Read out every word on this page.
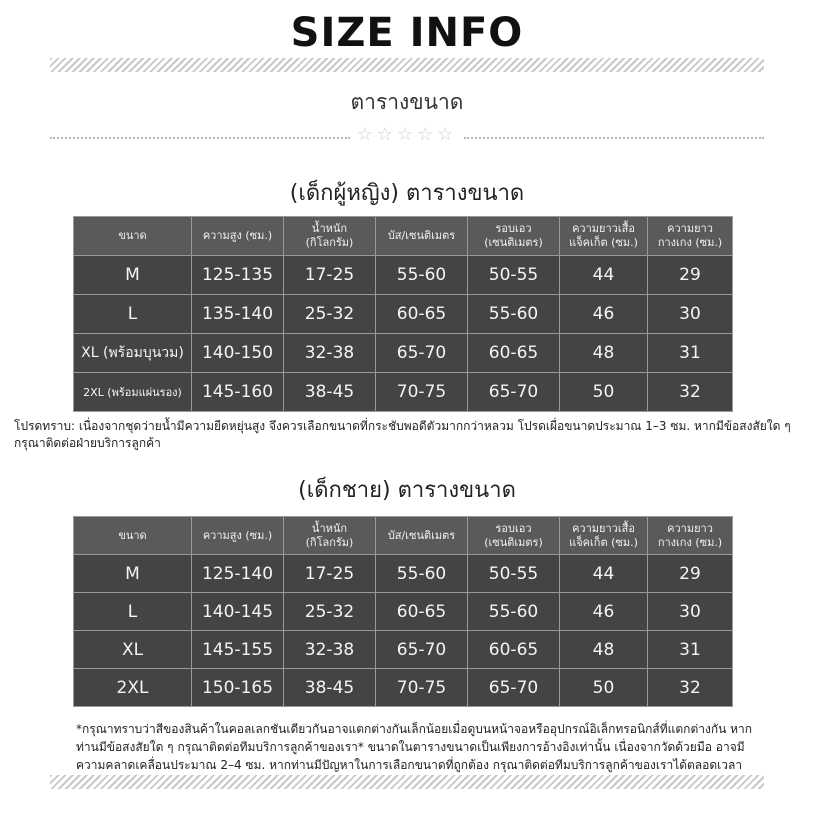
SIZE INFO
ตารางขนาด
☆☆☆☆☆
(เด็กผู้หญิง) ตารางขนาด
ขนาด	ความสูง (ซม.)	น้ำหนัก (กิโลกรัม)	บัส/เซนติเมตร	รอบเอว (เซนติเมตร)	ความยาวเสื้อแจ็คเก็ต (ซม.)	ความยาวกางเกง (ซม.)
M	125-135	17-25	55-60	50-55	44	29
L	135-140	25-32	60-65	55-60	46	30
XL (พร้อมบุนวม)	140-150	32-38	65-70	60-65	48	31
2XL (พร้อมแผ่นรอง)	145-160	38-45	70-75	65-70	50	32
โปรดทราบ: เนื่องจากชุดว่ายน้ำมีความยืดหยุ่นสูง จึงควรเลือกขนาดที่กระชับพอดีตัวมากกว่าหลวม โปรดเผื่อขนาดประมาณ 1–3 ซม. หากมีข้อสงสัยใด ๆ กรุณาติดต่อฝ่ายบริการลูกค้า
(เด็กชาย) ตารางขนาด
ขนาด	ความสูง (ซม.)	น้ำหนัก (กิโลกรัม)	บัส/เซนติเมตร	รอบเอว (เซนติเมตร)	ความยาวเสื้อแจ็คเก็ต (ซม.)	ความยาวกางเกง (ซม.)
M	125-140	17-25	55-60	50-55	44	29
L	140-145	25-32	60-65	55-60	46	30
XL	145-155	32-38	65-70	60-65	48	31
2XL	150-165	38-45	70-75	65-70	50	32
*กรุณาทราบว่าสีของสินค้าในคอลเลกชันเดียวกันอาจแตกต่างกันเล็กน้อยเมื่อดูบนหน้าจอหรืออุปกรณ์อิเล็กทรอนิกส์ที่แตกต่างกัน หากท่านมีข้อสงสัยใด ๆ กรุณาติดต่อทีมบริการลูกค้าของเรา* ขนาดในตารางขนาดเป็นเพียงการอ้างอิงเท่านั้น เนื่องจากวัดด้วยมือ อาจมีความคลาดเคลื่อนประมาณ 2–4 ซม. หากท่านมีปัญหาในการเลือกขนาดที่ถูกต้อง กรุณาติดต่อทีมบริการลูกค้าของเราได้ตลอดเวลา
